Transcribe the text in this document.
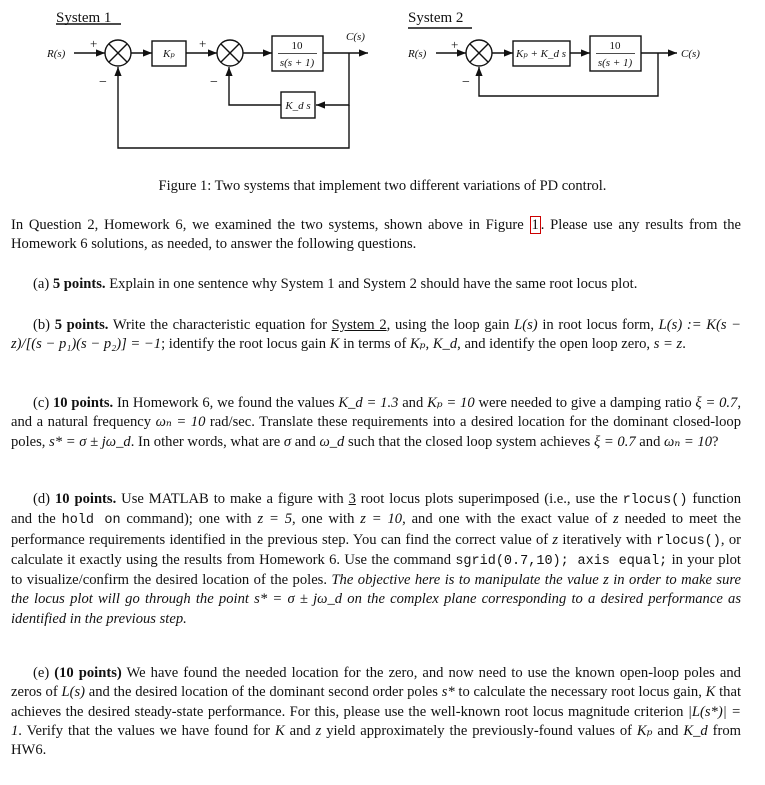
System 1
R(s)
+
−
Kₚ
+
−
10
s(s + 1)
C(s)
K_d s
System 2
R(s)
+
−
Kₚ + K_d s
10
s(s + 1)
C(s)
Figure 1: Two systems that implement two different variations of PD control.
In Question 2, Homework 6, we examined the two systems, shown above in Figure 1 . Please use any results from the Homework 6 solutions, as needed, to answer the following questions.
(a) 5 points. Explain in one sentence why System 1 and System 2 should have the same root locus plot.
(b) 5 points. Write the characteristic equation for System 2, using the loop gain L(s) in root locus form, L(s) := K(s − z)/[(s − p₁)(s − p₂)] = −1; identify the root locus gain K in terms of Kₚ, K_d, and identify the open loop zero, s = z.
(c) 10 points. In Homework 6, we found the values K_d = 1.3 and Kₚ = 10 were needed to give a damping ratio ξ = 0.7, and a natural frequency ωₙ = 10 rad/sec. Translate these requirements into a desired location for the dominant closed-loop poles, s* = σ ± jω_d. In other words, what are σ and ω_d such that the closed loop system achieves ξ = 0.7 and ωₙ = 10?
(d) 10 points. Use MATLAB to make a figure with 3 root locus plots superimposed (i.e., use the rlocus() function and the hold on command); one with z = 5, one with z = 10, and one with the exact value of z needed to meet the performance requirements identified in the previous step. You can find the correct value of z iteratively with rlocus(), or calculate it exactly using the results from Homework 6. Use the command sgrid(0.7,10); axis equal; in your plot to visualize/confirm the desired location of the poles. The objective here is to manipulate the value z in order to make sure the locus plot will go through the point s* = σ ± jω_d on the complex plane corresponding to a desired performance as identified in the previous step.
(e) (10 points) We have found the needed location for the zero, and now need to use the known open-loop poles and zeros of L(s) and the desired location of the dominant second order poles s* to calculate the necessary root locus gain, K that achieves the desired steady-state performance. For this, please use the well-known root locus magnitude criterion |L(s*)| = 1. Verify that the values we have found for K and z yield approximately the previously-found values of Kₚ and K_d from HW6.
